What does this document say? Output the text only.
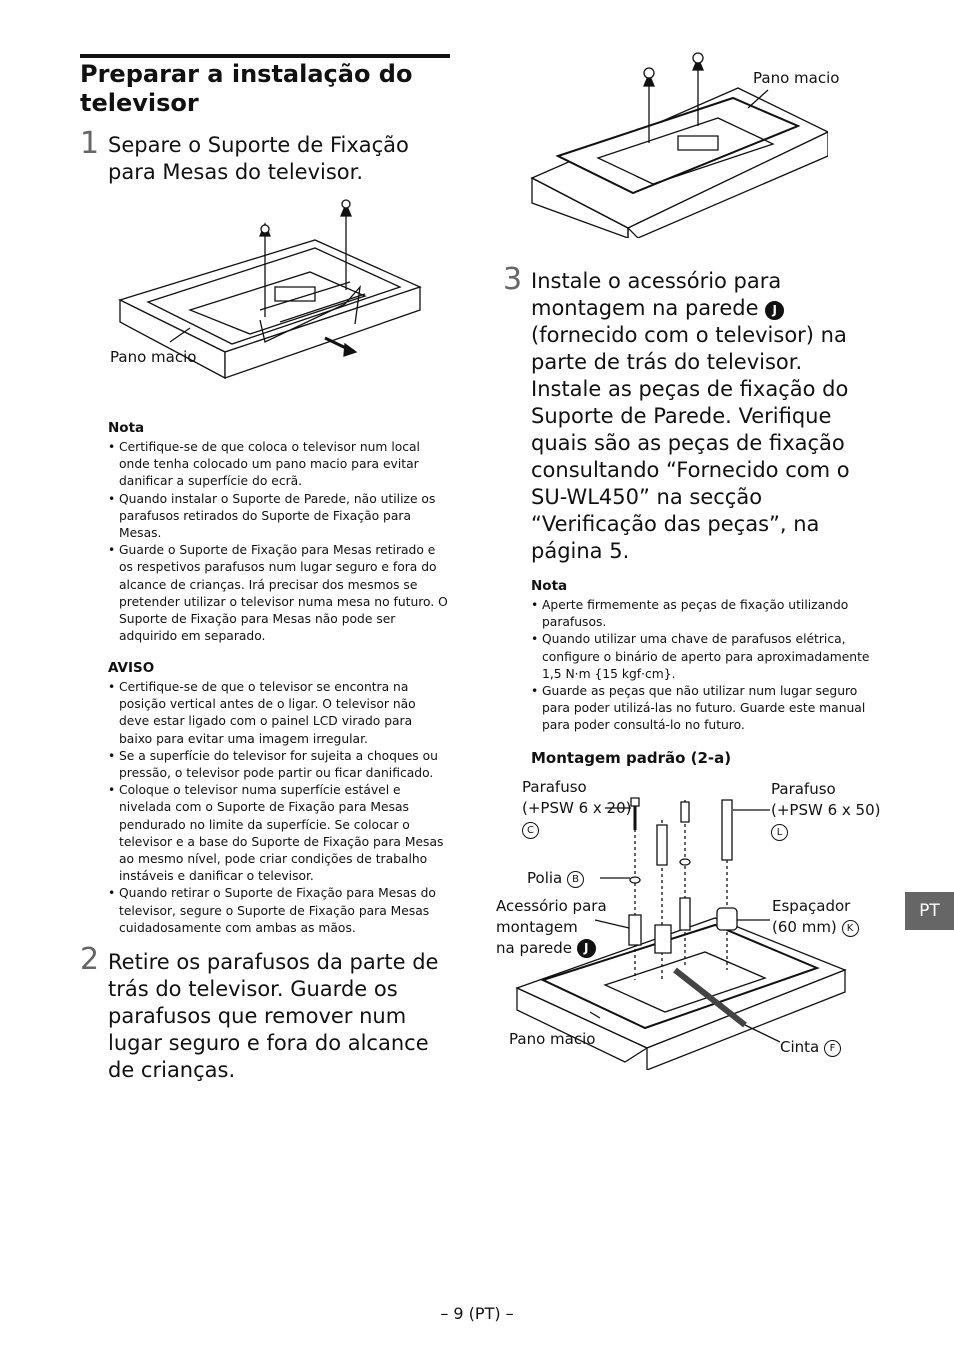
Preparar a instalação do televisor
1 Separe o Suporte de Fixação para Mesas do televisor.
Pano macio
Nota
• Certifique-se de que coloca o televisor num local onde tenha colocado um pano macio para evitar danificar a superfície do ecrã.
• Quando instalar o Suporte de Parede, não utilize os parafusos retirados do Suporte de Fixação para Mesas.
• Guarde o Suporte de Fixação para Mesas retirado e os respetivos parafusos num lugar seguro e fora do alcance de crianças. Irá precisar dos mesmos se pretender utilizar o televisor numa mesa no futuro. O Suporte de Fixação para Mesas não pode ser adquirido em separado.
AVISO
• Certifique-se de que o televisor se encontra na posição vertical antes de o ligar. O televisor não deve estar ligado com o painel LCD virado para baixo para evitar uma imagem irregular.
• Se a superfície do televisor for sujeita a choques ou pressão, o televisor pode partir ou ficar danificado.
• Coloque o televisor numa superfície estável e nivelada com o Suporte de Fixação para Mesas pendurado no limite da superfície. Se colocar o televisor e a base do Suporte de Fixação para Mesas ao mesmo nível, pode criar condições de trabalho instáveis e danificar o televisor.
• Quando retirar o Suporte de Fixação para Mesas do televisor, segure o Suporte de Fixação para Mesas cuidadosamente com ambas as mãos.
2 Retire os parafusos da parte de trás do televisor. Guarde os parafusos que remover num lugar seguro e fora do alcance de crianças.
Pano macio
3 Instale o acessório para montagem na parede J (fornecido com o televisor) na parte de trás do televisor. Instale as peças de fixação do Suporte de Parede. Verifique quais são as peças de fixação consultando “Fornecido com o SU-WL450” na secção “Verificação das peças”, na página 5.
Nota
• Aperte firmemente as peças de fixação utilizando parafusos.
• Quando utilizar uma chave de parafusos elétrica, configure o binário de aperto para aproximadamente 1,5 N·m {15 kgf·cm}.
• Guarde as peças que não utilizar num lugar seguro para poder utilizá-las no futuro. Guarde este manual para poder consultá-lo no futuro.
Montagem padrão (2-a)
Parafuso
(+PSW 6 x 20)
C
Parafuso
(+PSW 6 x 50)
L
Polia B
Acessório para
montagem
na parede J
Espaçador
(60 mm) K
Pano macio	Cinta F
PT
– 9 (PT) –
